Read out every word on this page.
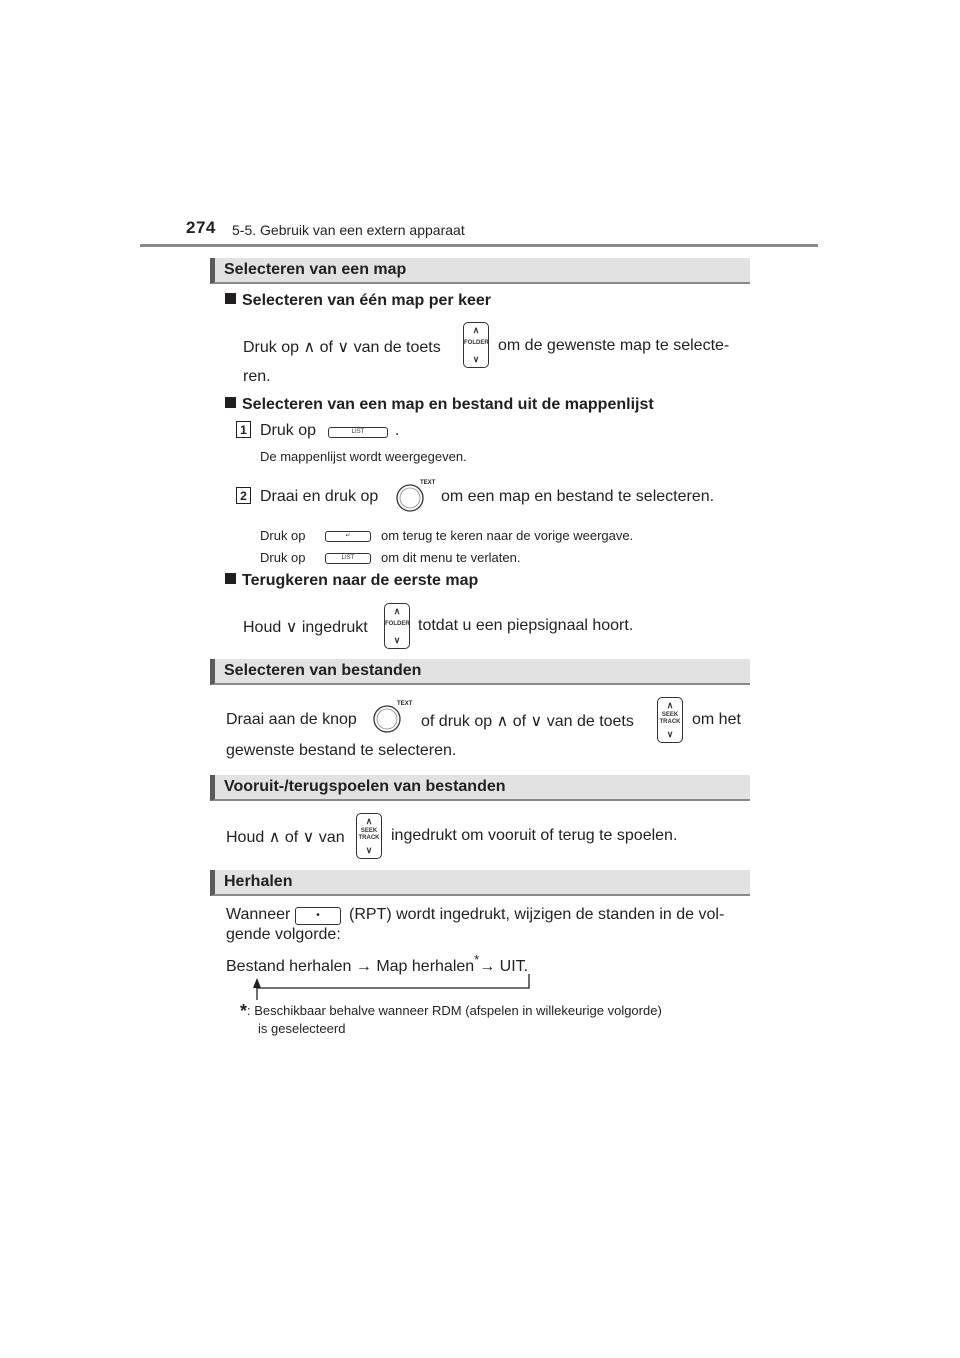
274 5-5. Gebruik van een extern apparaat
Selecteren van een map
Selecteren van één map per keer
Druk op ∧ of ∨ van de toets
∧
FOLDER
∨
om de gewenste map te selecte-
ren.
Selecteren van een map en bestand uit de mappenlijst
1 Druk op	LIST	.
De mappenlijst wordt weergegeven.
2 Draai en druk op
TEXT
om een map en bestand te selecteren.
Druk op	↵	om terug te keren naar de vorige weergave.
Druk op	LIST	om dit menu te verlaten.
Terugkeren naar de eerste map
Houd ∨ ingedrukt
∧
FOLDER
∨
totdat u een piepsignaal hoort.
Selecteren van bestanden
Draai aan de knop
TEXT
of druk op ∧ of ∨ van de toets
∧
SEEK
TRACK
∨
om het
gewenste bestand te selecteren.
Vooruit-/terugspoelen van bestanden
Houd ∧ of ∨ van
∧
SEEK
TRACK
∨
ingedrukt om vooruit of terug te spoelen.
Herhalen
Wanneer	•	(RPT) wordt ingedrukt, wijzigen de standen in de vol-
gende volgorde:
Bestand herhalen → Map herhalen*→ UIT.
*: Beschikbaar behalve wanneer RDM (afspelen in willekeurige volgorde)
is geselecteerd
